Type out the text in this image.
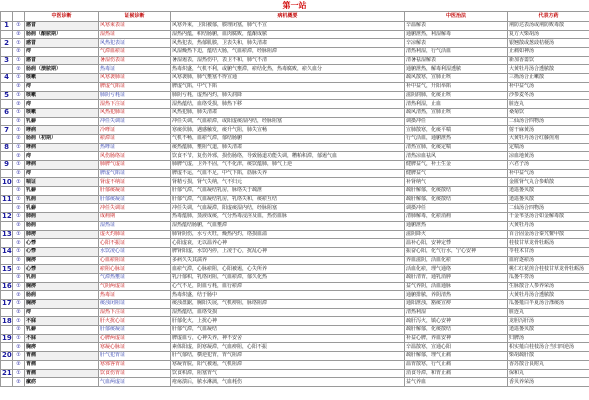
第一站
		中医诊断	证候诊断	病机概要	中医治法	代表方药
1	①	感冒	风寒束表证	风寒外束，卫阳被郁，腠理闭塞，肺气不宣	辛温解表	荆防达表汤或荆防败毒散
	②	肠痈（酿脓期）	湿热证	湿热内蕴，积结肠腑，血肉腐败，蕴酿成脓	通腑泄热，利湿解毒	复方大柴胡汤
2	①	感冒	风热犯表证	风热犯表，热郁肌腠，卫表失和，肺失清肃	辛凉解表	银翘散或葱豉桔梗汤
	②	痔	气滞血瘀证	风湿燥热下迫，蕴结大肠，气血瘀滞，经脉阻滞	清热利湿，行气活血	止痛如神汤
3	①	感冒	暑湿伤表证	暑湿遏表，湿热伤中，表卫不和，肺气不清	清暑祛湿解表	新加香薷饮
	②	肠痈（溃脓期）	热毒证	热毒炽盛，气机不利，或腑气壅滞，瘀结化热，热毒腐败，瘀久血分	通腑泄热，解毒利湿透脓	大黄牡丹汤合透脓散
4	①	咳嗽	风寒袭肺证	风寒袭肺，肺气壅塞不得宣通	疏风散寒，宣肺止咳	三拗汤合止嗽散
	②	痔	脾虚气陷证	脾虚气陷，中气下陷	补中益气，升阳举陷	补中益气汤
5	①	咳嗽	肺阴亏耗证	肺阴亏耗，虚热内灼，肺失润降	滋阴润肺，化痰止咳	沙参麦冬汤
	②	痔	湿热下注证	湿热蕴结，血络受损，肺热下移	清热利湿，止血	脏连丸
6	①	咳嗽	风热犯肺证	风热犯肺，肺失清肃	疏风清热，宣肺止咳	桑菊饮
	②	乳癖	冲任失调证	冲任失调，气血瘀滞，或阳虚痰湿内结，经脉阻塞	调摄冲任	二仙汤合四物汤
7	①	哮病	冷哮证	寒痰伏肺，遇感触发，痰升气阻，肺失宣畅	宣肺散寒，化痰平喘	射干麻黄汤
	②	肠痈（初期）	瘀滞证	气机不畅，血瘀气滞，郁结肠腑	行气活血，通腑泄热	大黄牡丹汤合红藤煎剂
8	①	哮病	热哮证	痰热蕴肺，壅阻气道，肺失清肃	清热宣肺，化痰定喘	定喘汤
	②	痔	风伤肠络证	饮食不节，复伤外邪，损伤肠络，导致肠道功能失调，糟粕积滞，郁遏气血	清热凉血祛风	凉血地黄汤
9	①	哮病	肺脾气虚证	肺脾气虚，卫外不固，气不化津，痰饮蕴肺，肺气上逆	健脾益气，补土生金	六君子汤
	②	痔	脾虚气陷证	脾虚不运，气血不足，中气下陷，筋脉失养	健脾益气	补中益气汤
10	①	喘证	肾虚不纳证	肾精亏损，肾气失纳，气不归元	补肾纳气	金匮肾气丸合参蛤散
	②	乳癖	肝郁痰凝证	肝郁气滞，气血凝结乳房，脉络失于疏泄	疏肝解郁，化痰散结	逍遥蒌贝散
11	①	乳痈	肝郁痰凝证	肝郁气滞，气血凝结乳房，乳络失和，痰瘀互结	疏肝解郁，化痰散结	逍遥蒌贝散
	②	乳癖	冲任失调证	冲任失调，气血凝滞，阳虚痰湿内结，经脉阻塞	调摄冲任	二仙汤合四物汤
12	①	肺痈	成痈期	热毒蕴肺，蒸液成痰，气分热毒浸淫及血，热伤血脉	清肺解毒，化瘀消痈	千金苇茎汤合如金解毒散
	②	肠痈	湿热证	湿热蕴结肠腑，气血壅滞	通腑泄热	大黄牡丹汤
13	①	肺痨	虚火灼肺证	肺肾阴伤，水亏火旺，燥热内灼，络损血溢	滋阴降火	百合固金汤合秦艽鳖甲散
	②	心悸	心阳不振证	心阳虚衰，无以温养心神	温补心阳，安神定悸	桂枝甘草龙骨牡蛎汤
14	①	心悸	水饮凌心证	脾肾阳虚，水饮内停，上凌于心，扰乱心神	振奋心阳，化气行水，宁心安神	苓桂术甘汤
	②	胸痹	心血瘀阻证	多病久失其濡养	养血滋阴，活血化瘀	血府逐瘀汤
15	①	心悸	瘀阻心脉证	血瘀气滞，心脉瘀阻，心阳被遏，心失所养	活血化瘀，理气通络	桃仁红花煎合桂枝甘草龙骨牡蛎汤
	②	乳痈	气滞热壅证	乳汁郁积，乳络闭阻，气血瘀滞，郁久化热	疏肝清胃，通乳消肿	瓜蒌牛蒡汤
16	①	胸痹	气阴两虚证	心气不足，阴血亏耗，血行瘀滞	益气养阴，活血通脉	生脉散合人参养荣汤
	②	肠痈	热毒证	热毒炽盛，结于肠中	通腑排脓，养阴清热	大黄牡丹汤合透脓散
17	①	胸痹	痰浊闭阻证	痰浊盘踞，胸阳失展，气机痹阻，脉络阻滞	通阳泄浊，豁痰宣痹	瓜蒌薤白半夏汤合涤痰汤
	②	痔	湿热下注证	湿热蕴结，血络受损	清热利湿	脏连丸
18	①	不寐	肝火扰心证	肝郁化火，上扰心神	疏肝泻火，镇心安神	龙胆泻肝汤
	②	乳癖	肝郁痰凝证	肝郁气滞，气血凝结	疏肝解郁，化痰散结	逍遥蒌贝散
19	①	不寐	心脾两虚证	脾虚血亏，心神失养，神不安舍	补益心脾，养血安神	归脾汤
	②	胸痹	寒凝心脉证	素体阳虚，阴寒凝滞，气血痹阻，心阳不振	辛温散寒，宣通心阳	枳实薤白桂枝汤合当归四逆汤
20	①	胃痛	肝气犯胃证	肝气郁结，横逆犯胃，胃气阻滞	疏肝解郁，理气止痛	柴胡疏肝散
	②	胃痛	寒邪客胃证	寒凝胃脘，阳气被遏，气机阻滞	温胃散寒，行气止痛	香苏散合良附丸
21	①	胃痛	饮食伤胃证	饮食积滞，阻塞胃气	消食导滞，和胃止痛	保和丸
	②	瘰疬	气血两虚证	疮疡溃后，脓水淋漓，气血耗伤	益气养血	香贝养荣汤
